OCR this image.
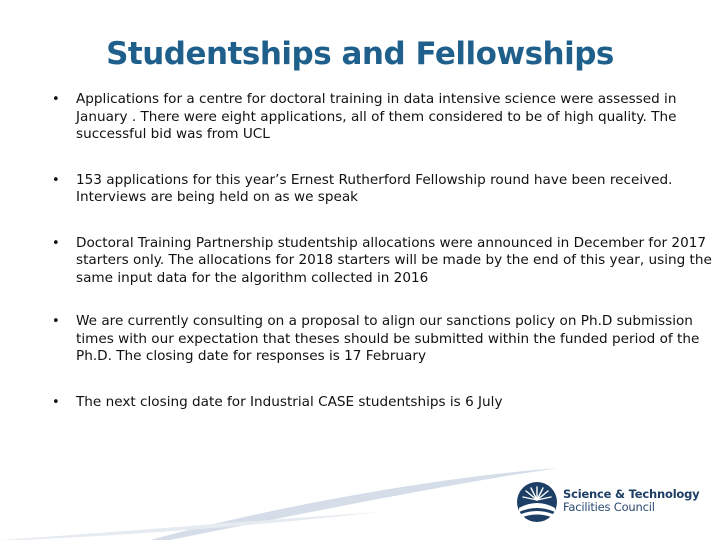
Studentships and Fellowships
• Applications for a centre for doctoral training in data intensive science were assessed in January . There were eight applications, all of them considered to be of high quality. The successful bid was from UCL
• 153 applications for this year’s Ernest Rutherford Fellowship round have been received. Interviews are being held on as we speak
• Doctoral Training Partnership studentship allocations were announced in December for 2017 starters only. The allocations for 2018 starters will be made by the end of this year, using the same input data for the algorithm collected in 2016
• We are currently consulting on a proposal to align our sanctions policy on Ph.D submission times with our expectation that theses should be submitted within the funded period of the Ph.D. The closing date for responses is 17 February
• The next closing date for Industrial CASE studentships is 6 July
Science & Technology
Facilities Council
